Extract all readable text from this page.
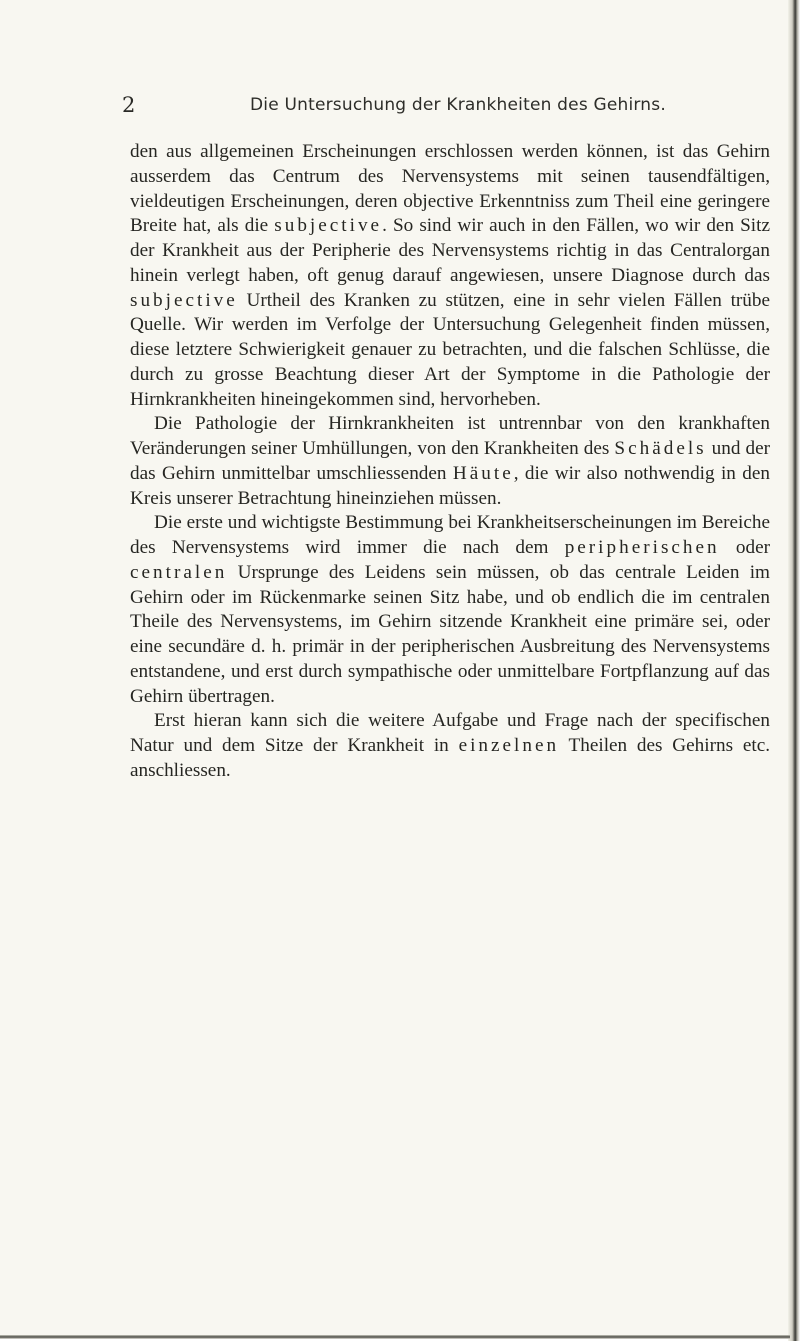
2	Die Untersuchung der Krankheiten des Gehirns.

den aus allgemeinen Erscheinungen erschlossen werden können, ist das Gehirn ausserdem das Centrum des Nervensystems mit seinen tausendfältigen, vieldeutigen Erscheinungen, deren objective Erkenntniss zum Theil eine geringere Breite hat, als die subjective. So sind wir auch in den Fällen, wo wir den Sitz der Krankheit aus der Peripherie des Nervensystems richtig in das Centralorgan hinein verlegt haben, oft genug darauf angewiesen, unsere Diagnose durch das subjective Urtheil des Kranken zu stützen, eine in sehr vielen Fällen trübe Quelle. Wir werden im Verfolge der Untersuchung Gelegenheit finden müssen, diese letztere Schwierigkeit genauer zu betrachten, und die falschen Schlüsse, die durch zu grosse Beachtung dieser Art der Symptome in die Pathologie der Hirnkrankheiten hineingekommen sind, hervorheben.

Die Pathologie der Hirnkrankheiten ist untrennbar von den krankhaften Veränderungen seiner Umhüllungen, von den Krankheiten des Schädels und der das Gehirn unmittelbar umschliessenden Häute, die wir also nothwendig in den Kreis unserer Betrachtung hineinziehen müssen.

Die erste und wichtigste Bestimmung bei Krankheitserscheinungen im Bereiche des Nervensystems wird immer die nach dem peripherischen oder centralen Ursprunge des Leidens sein müssen, ob das centrale Leiden im Gehirn oder im Rückenmarke seinen Sitz habe, und ob endlich die im centralen Theile des Nervensystems, im Gehirn sitzende Krankheit eine primäre sei, oder eine secundäre d. h. primär in der peripherischen Ausbreitung des Nervensystems entstandene, und erst durch sympathische oder unmittelbare Fortpflanzung auf das Gehirn übertragen.

Erst hieran kann sich die weitere Aufgabe und Frage nach der specifischen Natur und dem Sitze der Krankheit in einzelnen Theilen des Gehirns etc. anschliessen.
